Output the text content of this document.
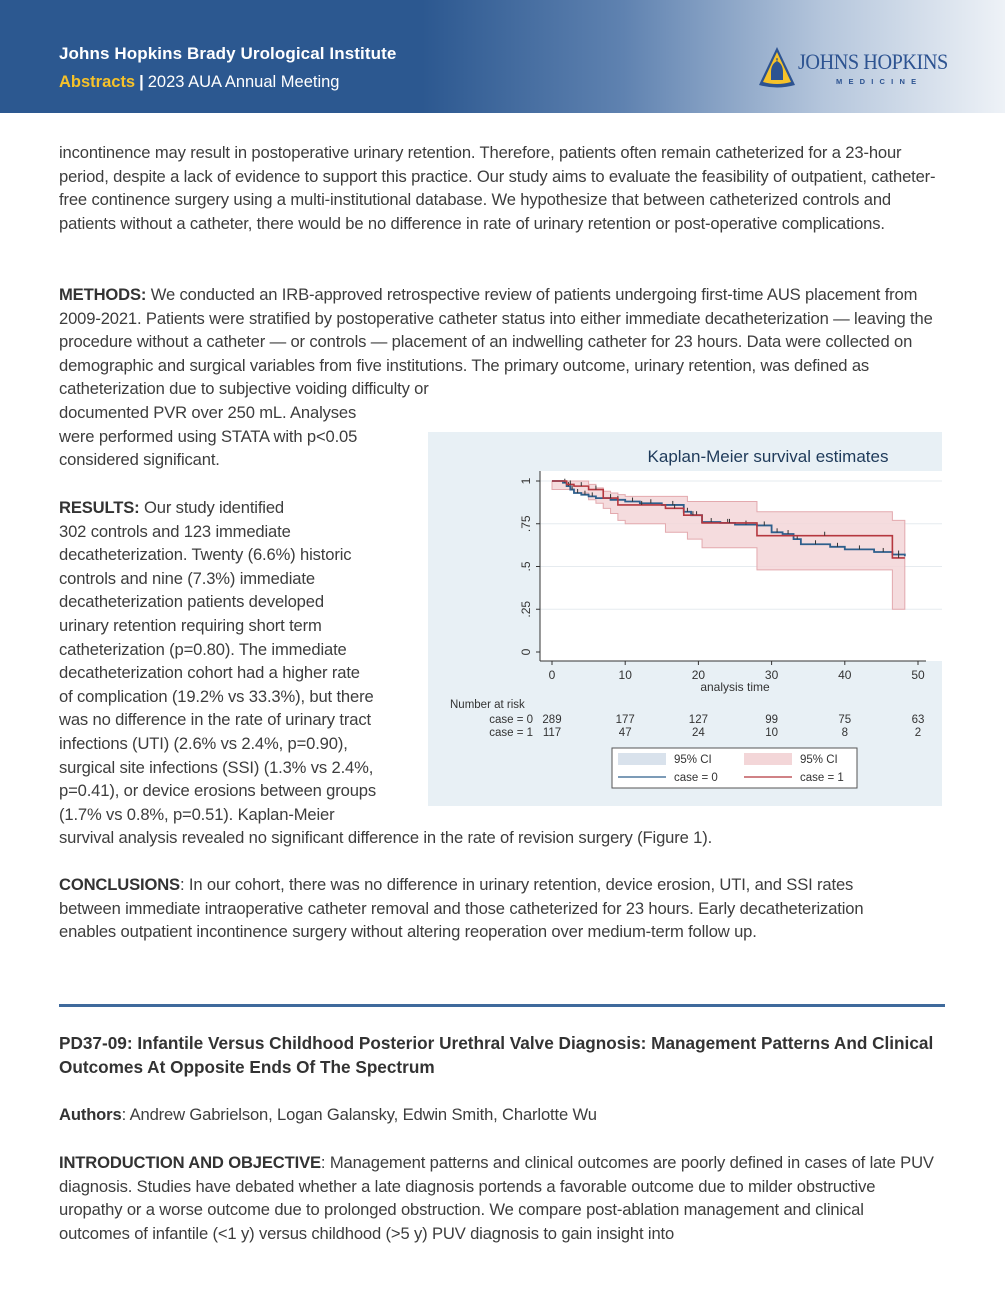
Johns Hopkins Brady Urological Institute
Abstracts | 2023 AUA Annual Meeting
JOHNS HOPKINS
MEDICINE
incontinence may result in postoperative urinary retention. Therefore, patients often remain catheterized for a 23-hour period, despite a lack of evidence to support this practice. Our study aims to evaluate the feasibility of outpatient, catheter-free continence surgery using a multi-institutional database. We hypothesize that between catheterized controls and patients without a catheter, there would be no difference in rate of urinary retention or post-operative complications.
METHODS: We conducted an IRB-approved retrospective review of patients undergoing first-time AUS placement from 2009-2021. Patients were stratified by postoperative catheter status into either immediate decatheterization — leaving the procedure without a catheter — or controls — placement of an indwelling catheter for 23 hours. Data were collected on demographic and surgical variables from five institutions. The primary outcome, urinary retention, was defined as catheterization due to subjective voiding difficulty or
documented PVR over 250 mL. Analyses
were performed using STATA with p<0.05
considered significant.
RESULTS: Our study identified
302 controls and 123 immediate
decatheterization. Twenty (6.6%) historic
controls and nine (7.3%) immediate
decatheterization patients developed
urinary retention requiring short term
catheterization (p=0.80). The immediate
decatheterization cohort had a higher rate
of complication (19.2% vs 33.3%), but there
was no difference in the rate of urinary tract
infections (UTI) (2.6% vs 2.4%, p=0.90),
surgical site infections (SSI) (1.3% vs 2.4%,
p=0.41), or device erosions between groups
(1.7% vs 0.8%, p=0.51). Kaplan-Meier
survival analysis revealed no significant difference in the rate of revision surgery (Figure 1).
CONCLUSIONS: In our cohort, there was no difference in urinary retention, device erosion, UTI, and SSI rates between immediate intraoperative catheter removal and those catheterized for 23 hours. Early decatheterization enables outpatient incontinence surgery without altering reoperation over medium-term follow up.
Kaplan-Meier survival estimates
0
.25
.5
.75
1
0	10	20	30	40	50
analysis time
Number at risk
case = 0 289	177	127	99	75	63
case = 1 117	47	24	10	8	2
95% CI	95% CI
case = 0	case = 1
PD37-09: Infantile Versus Childhood Posterior Urethral Valve Diagnosis: Management Patterns And Clinical Outcomes At Opposite Ends Of The Spectrum
Authors: Andrew Gabrielson, Logan Galansky, Edwin Smith, Charlotte Wu
INTRODUCTION AND OBJECTIVE: Management patterns and clinical outcomes are poorly defined in cases of late PUV diagnosis. Studies have debated whether a late diagnosis portends a favorable outcome due to milder obstructive uropathy or a worse outcome due to prolonged obstruction. We compare post-ablation management and clinical outcomes of infantile (<1 y) versus childhood (>5 y) PUV diagnosis to gain insight into
